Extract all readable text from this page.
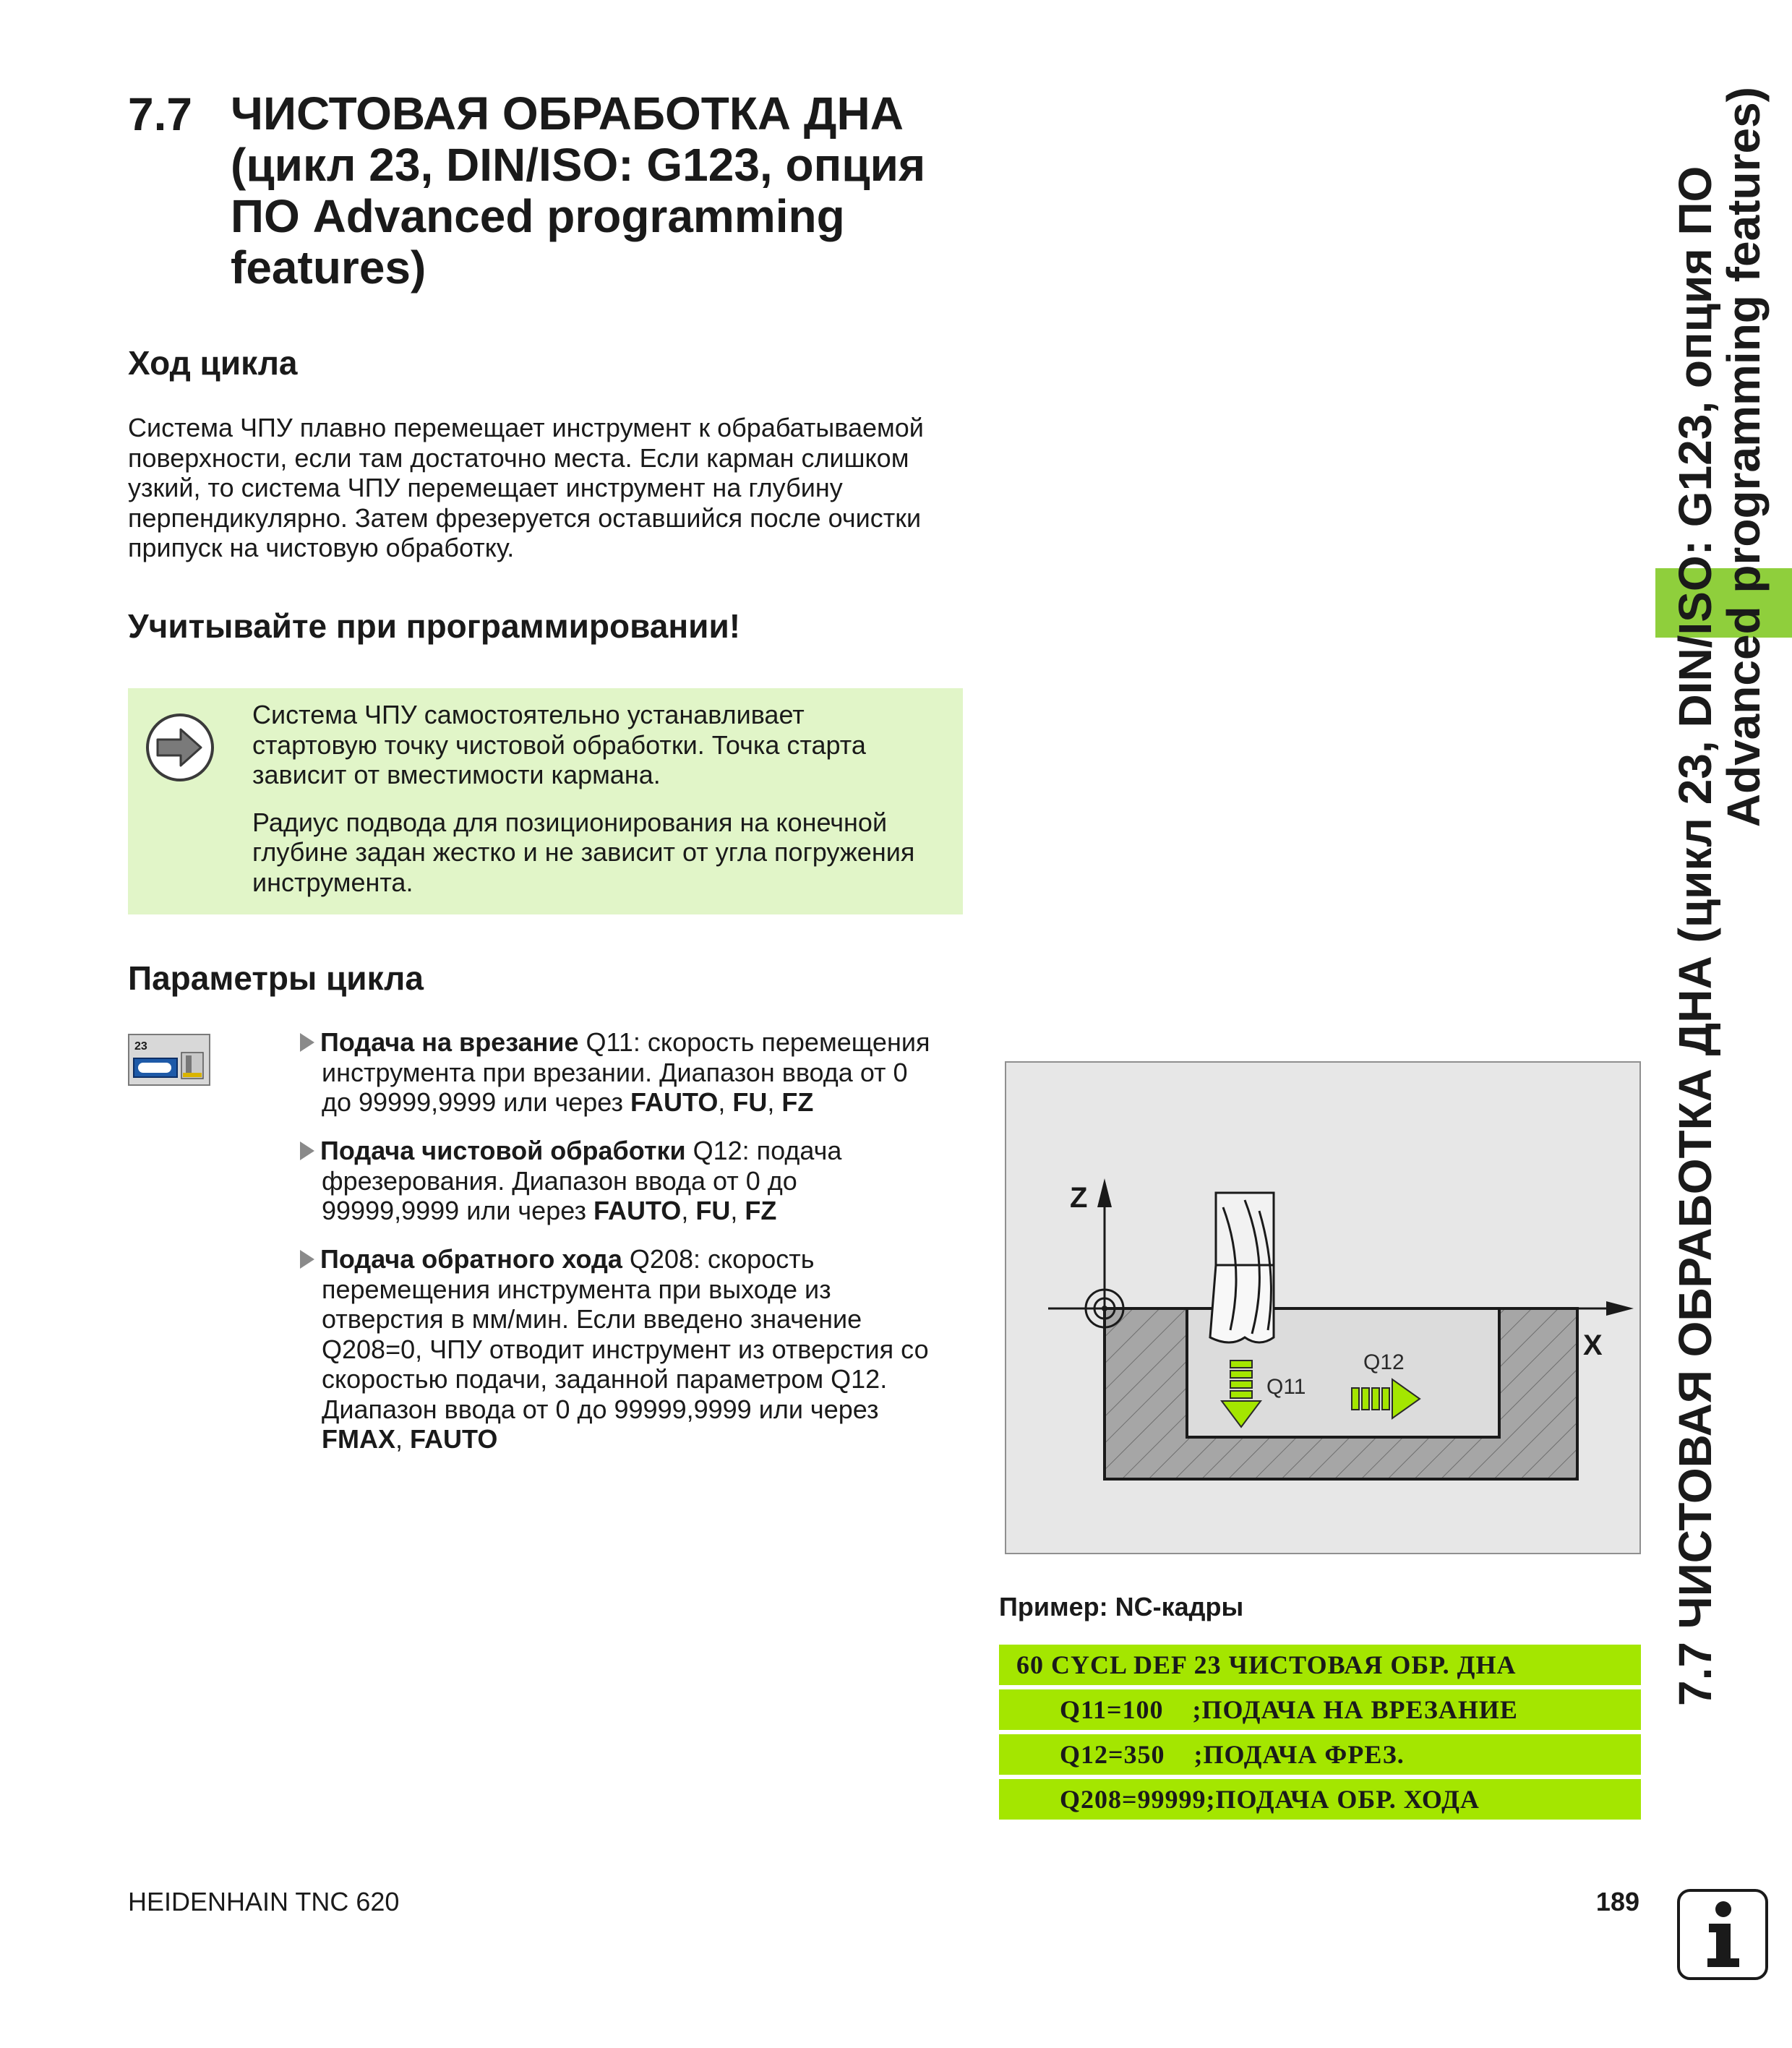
7.7 ЧИСТОВАЯ ОБРАБОТКА ДНА
(цикл 23, DIN/ISO: G123, опция
ПО Advanced programming
features)
Ход цикла
Система ЧПУ плавно перемещает инструмент к обрабатываемой
поверхности, если там достаточно места. Если карман слишком
узкий, то система ЧПУ перемещает инструмент на глубину
перпендикулярно. Затем фрезеруется оставшийся после очистки
припуск на чистовую обработку.
Учитывайте при программировании!
Система ЧПУ самостоятельно устанавливает
стартовую точку чистовой обработки. Точка старта
зависит от вместимости кармана.
Радиус подвода для позиционирования на конечной
глубине задан жестко и не зависит от угла погружения
инструмента.
Параметры цикла
23	Подача на врезание Q11: скорость перемещения
инструмента при врезании. Диапазон ввода от 0
до 99999,9999 или через FAUTO, FU, FZ
Подача чистовой обработки Q12: подача
фрезерования. Диапазон ввода от 0 до
99999,9999 или через FAUTO, FU, FZ
Подача обратного хода Q208: скорость
перемещения инструмента при выходе из
отверстия в мм/мин. Если введено значение
Q208=0, ЧПУ отводит инструмент из отверстия со
скоростью подачи, заданной параметром Q12.
Диапазон ввода от 0 до 99999,9999 или через
FMAX, FAUTO
Z
X
Q11
Q12
Пример: NC-кадры
60 CYCL DEF 23 ЧИСТОВАЯ ОБР. ДНА
Q11=100    ;ПОДАЧА НА ВРЕЗАНИЕ
Q12=350    ;ПОДАЧА ФРЕЗ.
Q208=99999;ПОДАЧА ОБР. ХОДА
7.7 ЧИСТОВАЯ ОБРАБОТКА ДНА (цикл 23, DIN/ISO: G123, опция ПО
Advanced programming features)
HEIDENHAIN TNC 620	189
